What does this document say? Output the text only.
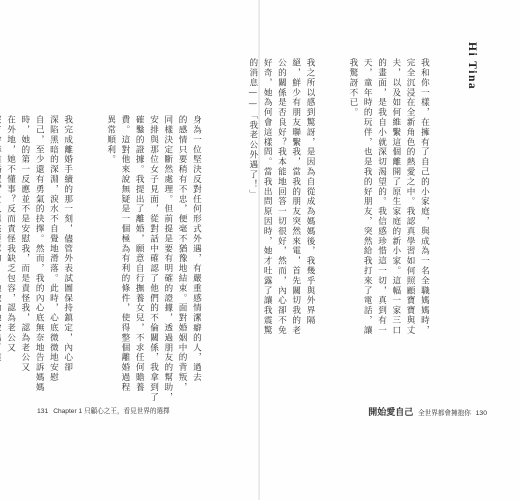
身為一位堅決反對任何形式外遇，有嚴重感情潔癖的人，過去
的感情只要稍有不忠，便毫不猶豫地結束。面對婚姻中的背叛，
同樣決定斷然處理。但前提是要有明確的證據，透過朋友的幫助，
安排與那位女子見面，從對話中確認了他們的不倫關係，我拿到了
確鑿的證據。我提出了離婚，願意自行撫養女兒，不求任何贍養
費。這對他來說無疑是一個極為有利的條件，使得整個離婚過程
異常順利。

我完成離婚手續的那一刻，儘管外表試圖保持鎮定，內心卻
深陷黑暗的深淵，淚水不自覺地滑落。此時，心底微微地安慰
自己，至少還有勇氣的抉擇。然而，我的內心底無奈地告訴媽媽
時，她的第一反應並不是安慰我，而是責怪我，認為老公又
在外地，她不懂事？反而責怪我缺乏包容，認為老公又

131 Chapter 1 只顧心之王，看見世界的選擇
Hi Tina

我和你一樣，在擁有了自己的小家庭，與成為一名全職媽媽時，
完全沉浸在全新角色的熱愛之中。我認真學習如何照顧寶寶與丈
夫，以及如何維繫這個離開了原生家庭的新小家。這幅一家三口
的畫面，是我自小就深切渴望的。我信感珍惜這一切，真到有一
天，童年時的玩伴，也是我的好朋友，突然給我打來了電話，讓
我驚訝不已。

我之所以感到驚訝，是因為自從成為媽媽後，我幾乎與外界隔
絕，鮮少有朋友聯繫我，當我的朋友突然來電，首先關切我的老
公的關係是否良好？我本能地回答一切很好，然而，內心卻不免
好奇，她為何會這樣問。當我出問原因時，她才吐露了讓我震驚
的消息——「我老公外遇了！」

開始愛自己 全世界都會擁抱你 130
